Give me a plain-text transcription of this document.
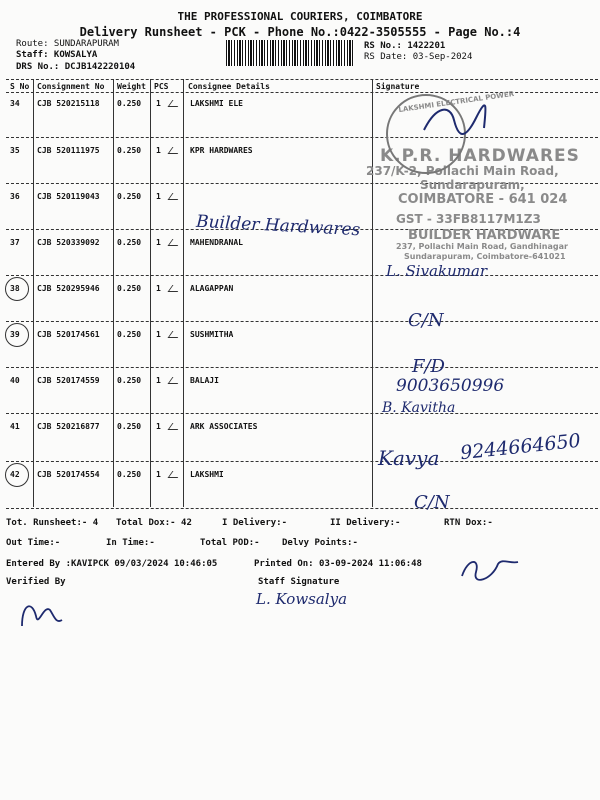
THE PROFESSIONAL COURIERS, COIMBATORE
Delivery Runsheet - PCK - Phone No.:0422-3505555 - Page No.:4
Route: SUNDARAPURAM
Staff: KOWSALYA
DRS No.: DCJB142220104
RS No.: 1422201
RS Date: 03-Sep-2024
S No Consignment No Weight PCS Consignee Details	Signature
34 CJB 520215118 0.250 1	LAKSHMI ELE
35 CJB 520111975 0.250 1	KPR HARDWARES
36 CJB 520119043 0.250 1
37 CJB 520339092 0.250 1	MAHENDRANAL
38 CJB 520295946 0.250 1	ALAGAPPAN
39 CJB 520174561 0.250 1	SUSHMITHA
40 CJB 520174559 0.250 1	BALAJI
41 CJB 520216877 0.250 1	ARK ASSOCIATES
42 CJB 520174554 0.250 1	LAKSHMI
K.P.R. HARDWARES
237/K-2, Pollachi Main Road,
Sundarapuram,
COIMBATORE - 641 024
GST - 33FB8117M1Z3
BUILDER HARDWARE
237, Pollachi Main Road, Gandhinagar
Sundarapuram, Coimbatore-641021
LAKSHMI ELECTRICAL POWER
Builder Hardwares
L. Sivakumar
C/N
F/D
9003650996
B. Kavitha
Kavya 9244664650
C/N
Tot. Runsheet:- 4 Total Dox:- 42	I Delivery:-	II Delivery:-	RTN Dox:-
Out Time:-	In Time:-	Total POD:- Delvy Points:-
Entered By :KAVIPCK 09/03/2024 10:46:05	Printed On: 03-09-2024 11:06:48
Verified By	Staff Signature
L. Kowsalya
